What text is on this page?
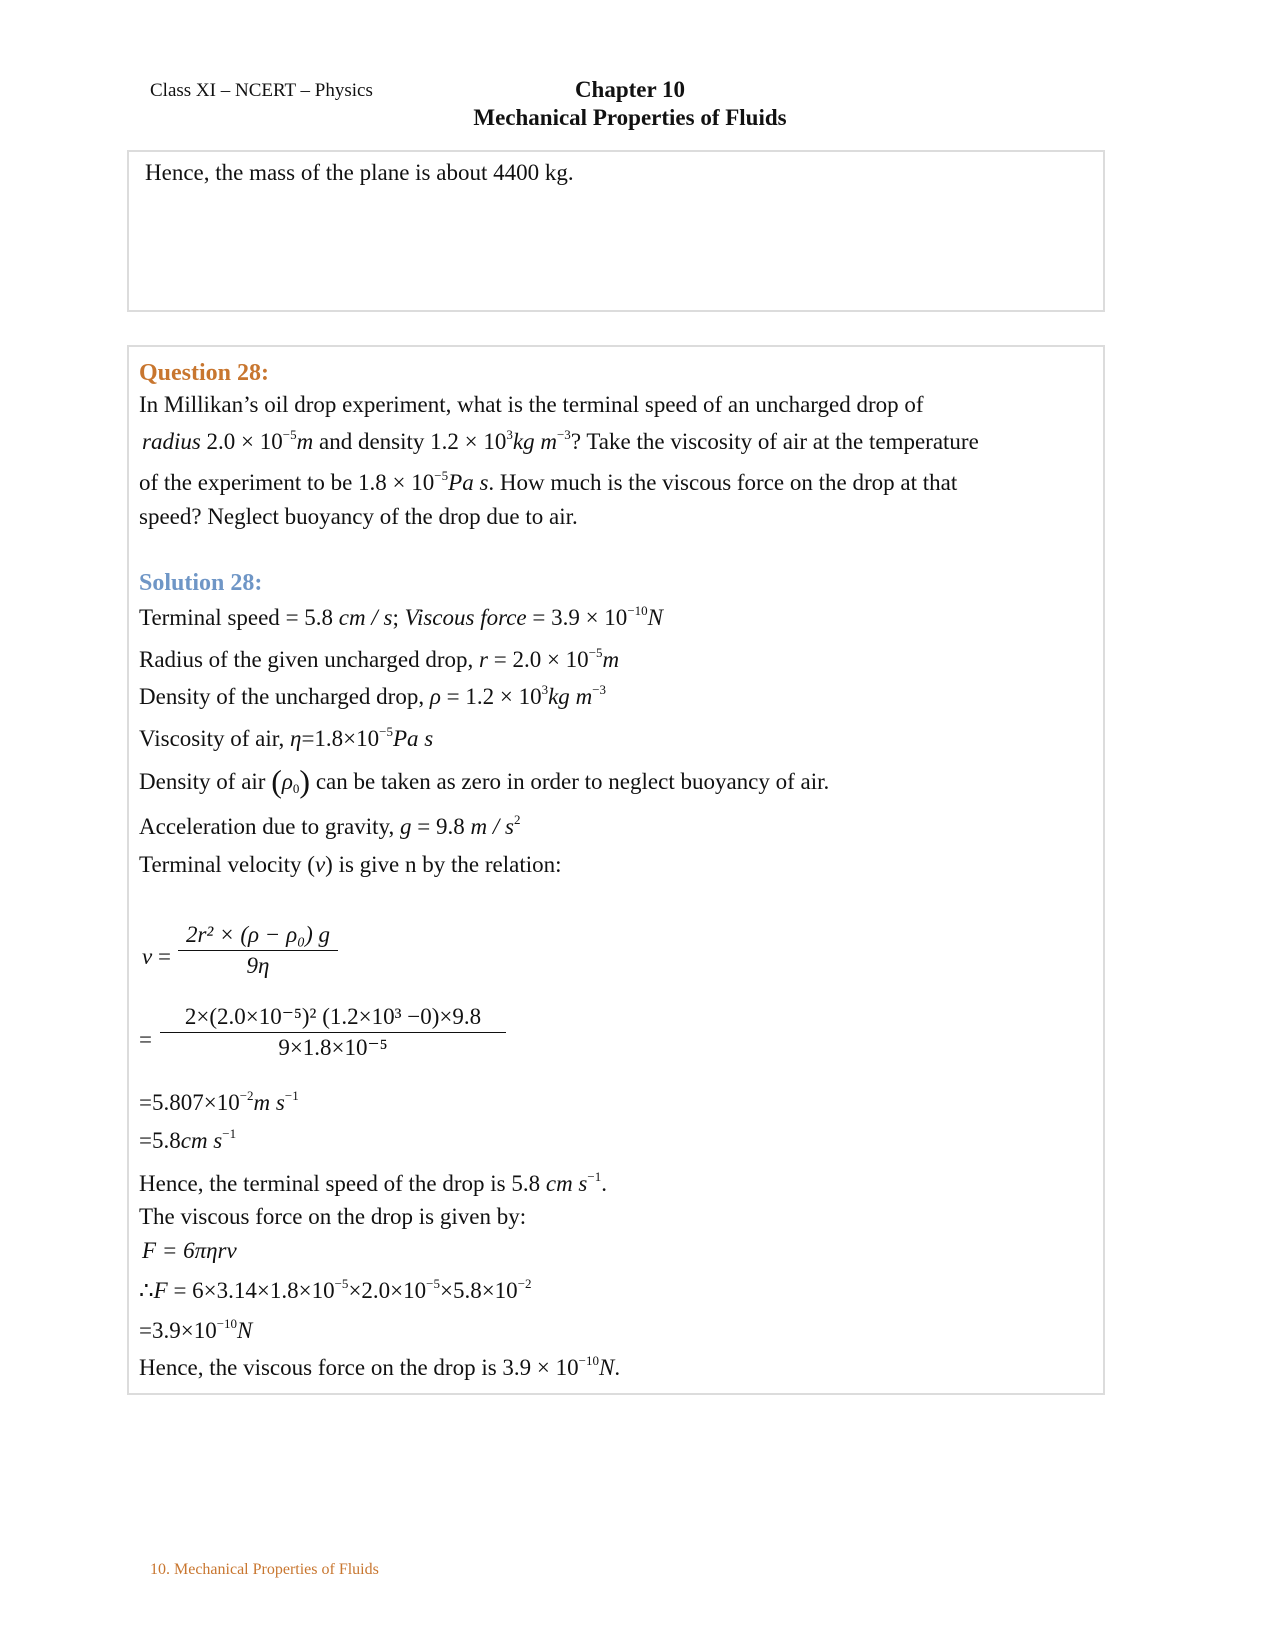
Class XI – NCERT – Physics	Chapter 10
Mechanical Properties of Fluids
Hence, the mass of the plane is about 4400 kg.
Question 28:
In Millikan’s oil drop experiment, what is the terminal speed of an uncharged drop of
radius $2.0 \times 10^{-5}m$ and density $1.2 \times 10^3kg$ $m^{-3}$? Take the viscosity of air at the temperature
of the experiment to be $1.8 \times 10^{-5}Pa$ s. How much is the viscous force on the drop at that
speed? Neglect buoyancy of the drop due to air.
Solution 28:
Terminal speed = 5.8 cm / s; Viscous force = $3.9 \times 10^{-10}N$
Radius of the given uncharged drop, $r = 2.0 \times 10^{-5}m$
Density of the uncharged drop, $\rho = 1.2 \times 10^3kg$ $m^{-3}$
Viscosity of air, $\eta=1.8\times 10^{-5}Pa$ s
Density of air $(\rho_0)$ can be taken as zero in order to neglect buoyancy of air.
Acceleration due to gravity, g = 9.8 m / $s^2$
Terminal velocity (v) is give n by the relation:
v =
2r² × (ρ − ρ₀) g
9η
=
2×(2.0×10⁻⁵)² (1.2×10³ −0)×9.8
9×1.8×10⁻⁵
$=5.807\times 10^{-2}m$ $s^{-1}$
=5.8cm $s^{-1}$
Hence, the terminal speed of the drop is 5.8 cm $s^{-1}$.
The viscous force on the drop is given by:
F = 6πηrv
∴F = $6\times 3.14\times 1.8\times 10^{-5}\times 2.0\times 10^{-5}\times 5.8\times 10^{-2}$
$=3.9\times 10^{-10}N$
Hence, the viscous force on the drop is $3.9 \times 10^{-10}N$.
10. Mechanical Properties of Fluids
